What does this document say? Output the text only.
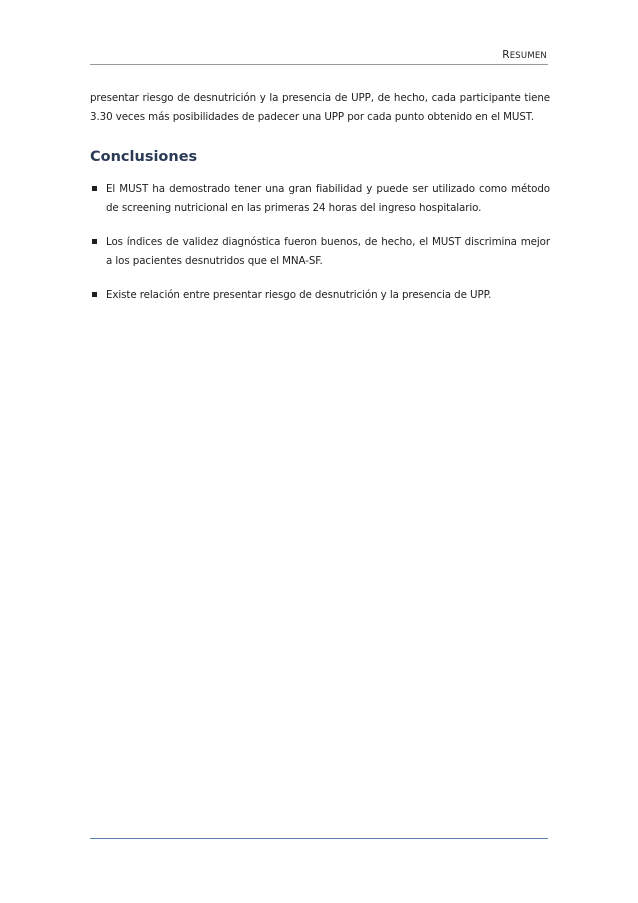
RESUMEN

presentar riesgo de desnutrición y la presencia de UPP, de hecho, cada participante tiene 3.30 veces más posibilidades de padecer una UPP por cada punto obtenido en el MUST.

Conclusiones
El MUST ha demostrado tener una gran fiabilidad y puede ser utilizado como método de screening nutricional en las primeras 24 horas del ingreso hospitalario.
Los índices de validez diagnóstica fueron buenos, de hecho, el MUST discrimina mejor a los pacientes desnutridos que el MNA-SF.
Existe relación entre presentar riesgo de desnutrición y la presencia de UPP.
